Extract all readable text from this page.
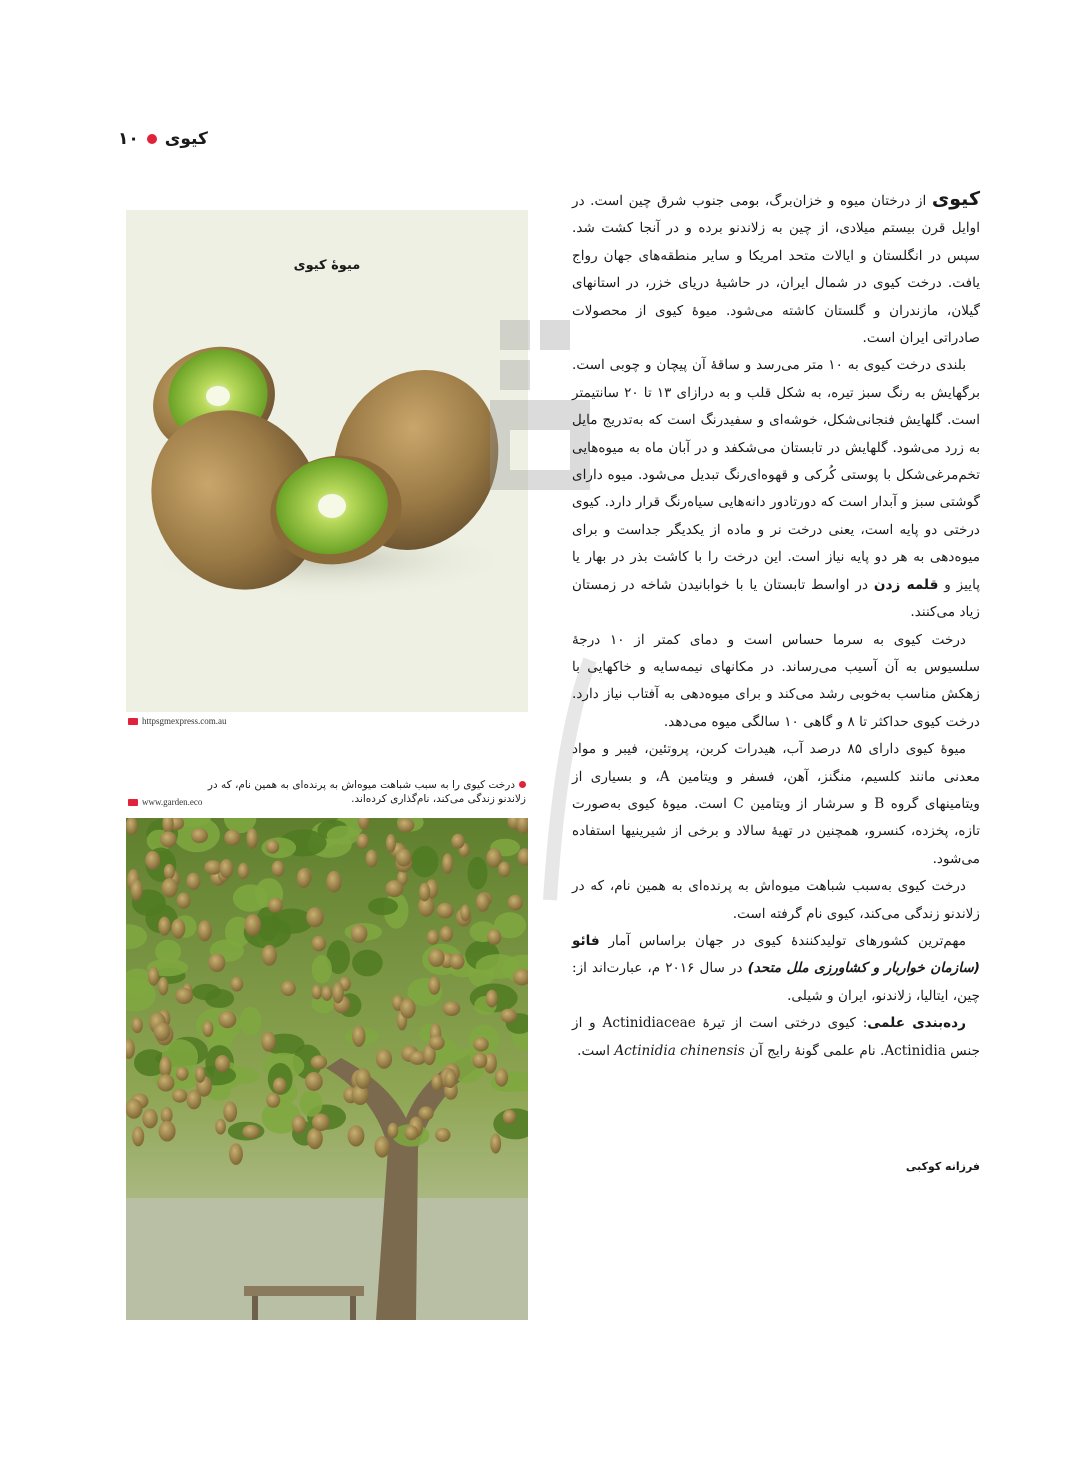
کیوی
۱۰
میوهٔ کیوی
httpsgmexpress.com.au
درخت کیوی را به سبب شباهت میوه‌اش به پرنده‌ای به همین نام، که در زلاندنو زندگی می‌کند، نام‌گذاری کرده‌اند.
www.garden.eco

کیوی از درختان میوه و خزان‌برگ، بومی جنوب شرق چین است. در اوایل قرن بیستم میلادی، از چین به زلاندنو برده و در آنجا کشت شد. سپس در انگلستان و ایالات متحد امریکا و سایر منطقه‌های جهان رواج یافت. درخت کیوی در شمال ایران، در حاشیهٔ دریای خزر، در استانهای گیلان، مازندران و گلستان کاشته می‌شود. میوهٔ کیوی از محصولات صادراتی ایران است.

بلندی درخت کیوی به ۱۰ متر می‌رسد و ساقهٔ آن پیچان و چوبی است. برگهایش به رنگ سبز تیره، به شکل قلب و به درازای ۱۳ تا ۲۰ سانتیمتر است. گلهایش فنجانی‌شکل، خوشه‌ای و سفیدرنگ است که به‌تدریج مایل به زرد می‌شود. گلهایش در تابستان می‌شکفد و در آبان ماه به میوه‌هایی تخم‌مرغی‌شکل با پوستی کُرکی و قهوه‌ای‌رنگ تبدیل می‌شود. میوه دارای گوشتی سبز و آبدار است که دورتادور دانه‌هایی سیاه‌رنگ قرار دارد. کیوی درختی دو پایه است، یعنی درخت نر و ماده از یکدیگر جداست و برای میوه‌دهی به هر دو پایه نیاز است. این درخت را با کاشت بذر در بهار یا پاییز و قلمه زدن در اواسط تابستان یا با خوابانیدن شاخه در زمستان زیاد می‌کنند.

درخت کیوی به سرما حساس است و دمای کمتر از ۱۰ درجهٔ سلسیوس به آن آسیب می‌رساند. در مکانهای نیمه‌سایه و خاکهایی با زهکش مناسب به‌خوبی رشد می‌کند و برای میوه‌دهی به آفتاب نیاز دارد. درخت کیوی حداکثر تا ۸ و گاهی ۱۰ سالگی میوه می‌دهد.

میوهٔ کیوی دارای ۸۵ درصد آب، هیدرات کربن، پروتئین، فیبر و مواد معدنی مانند کلسیم، منگنز، آهن، فسفر و ویتامین A، و بسیاری از ویتامینهای گروه B و سرشار از ویتامین C است. میوهٔ کیوی به‌صورت تازه، پخزده، کنسرو، همچنین در تهیهٔ سالاد و برخی از شیرینیها استفاده می‌شود.

درخت کیوی به‌سبب شباهت میوه‌اش به پرنده‌ای به همین نام، که در زلاندنو زندگی می‌کند، کیوی نام گرفته است.

مهم‌ترین کشورهای تولیدکنندهٔ کیوی در جهان براساس آمار فائو (سازمان خواربار و کشاورزی ملل متحد) در سال ۲۰۱۶ م، عبارت‌اند از: چین، ایتالیا، زلاندنو، ایران و شیلی.

رده‌بندی علمی: کیوی درختی است از تیرهٔ Actinidiaceae و از جنس Actinidia. نام علمی گونهٔ رایج آن Actinidia chinensis است.

فرزانه کوکبی
